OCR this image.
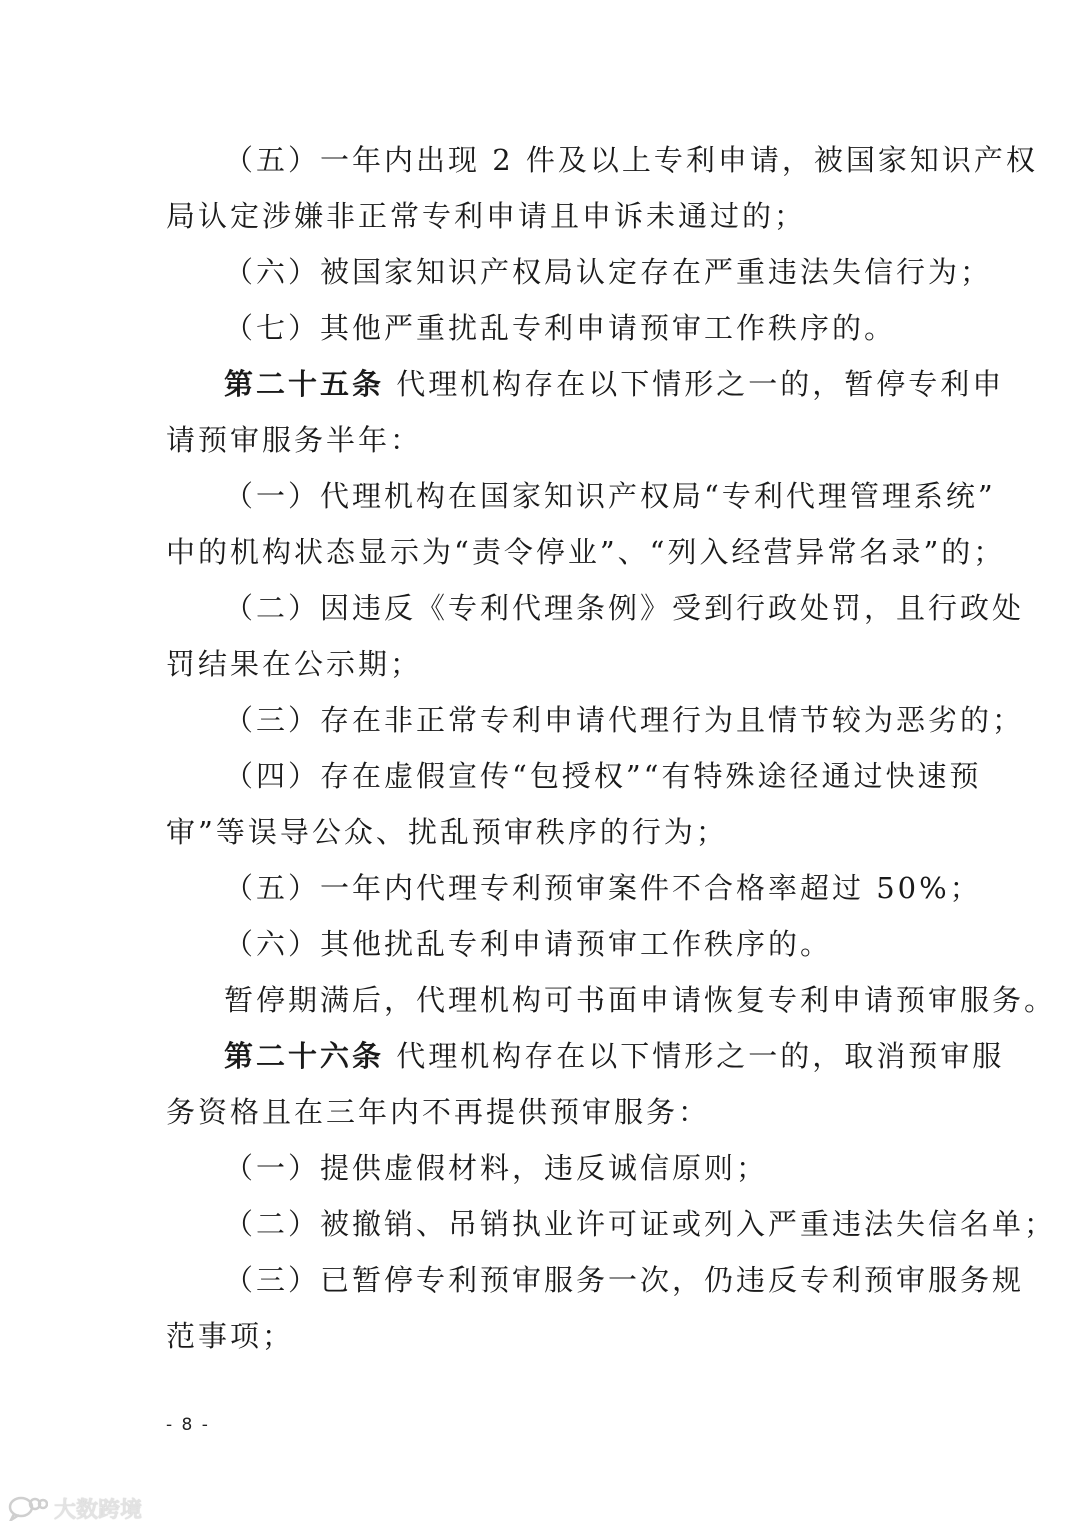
（五）一年内出现 2 件及以上专利申请，被国家知识产权
局认定涉嫌非正常专利申请且申诉未通过的；
（六）被国家知识产权局认定存在严重违法失信行为；
（七）其他严重扰乱专利申请预审工作秩序的。
第二十五条 代理机构存在以下情形之一的，暂停专利申
请预审服务半年：
（一）代理机构在国家知识产权局“专利代理管理系统”
中的机构状态显示为“责令停业”、“列入经营异常名录”的；
（二）因违反《专利代理条例》受到行政处罚，且行政处
罚结果在公示期；
（三）存在非正常专利申请代理行为且情节较为恶劣的；
（四）存在虚假宣传“包授权”“有特殊途径通过快速预
审”等误导公众、扰乱预审秩序的行为；
（五）一年内代理专利预审案件不合格率超过 50%；
（六）其他扰乱专利申请预审工作秩序的。
暂停期满后，代理机构可书面申请恢复专利申请预审服务。
第二十六条 代理机构存在以下情形之一的，取消预审服
务资格且在三年内不再提供预审服务：
（一）提供虚假材料，违反诚信原则；
（二）被撤销、吊销执业许可证或列入严重违法失信名单；
（三）已暂停专利预审服务一次，仍违反专利预审服务规
范事项；
- 8 -
大数跨境
